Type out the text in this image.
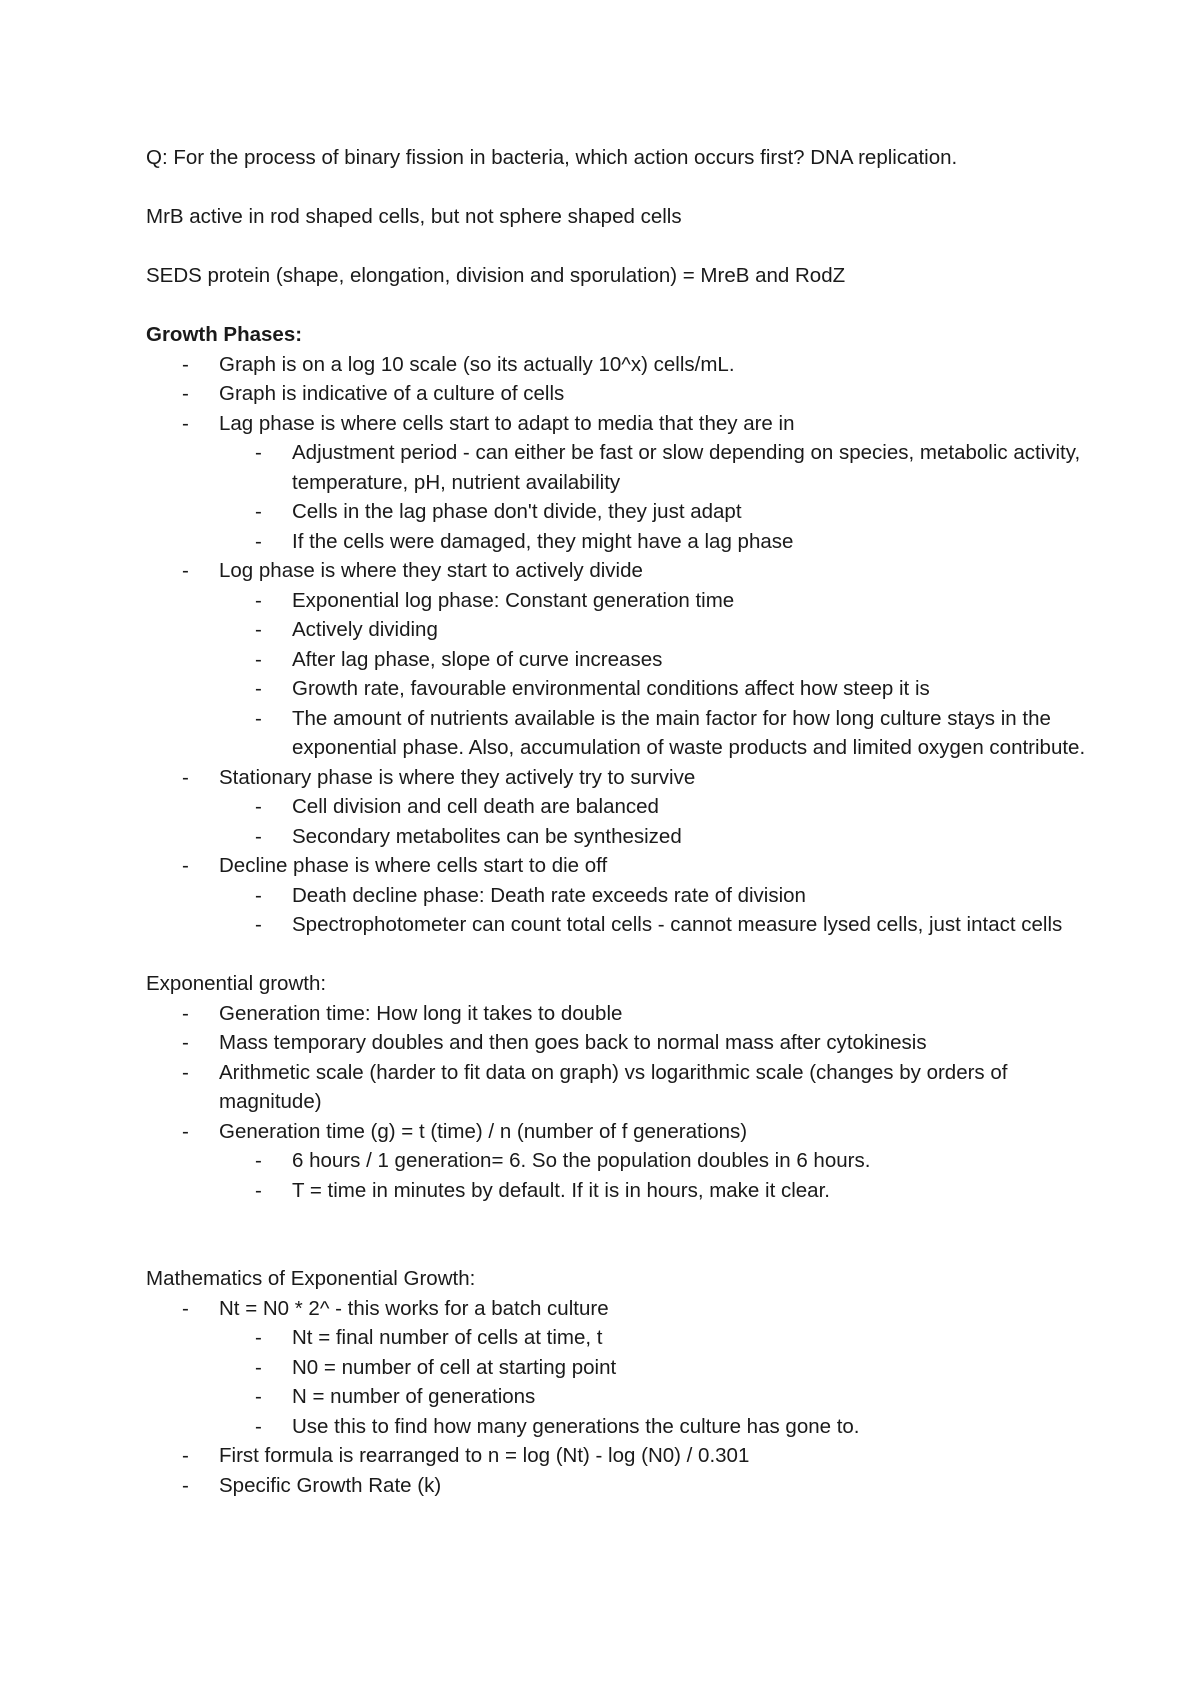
Q: For the process of binary fission in bacteria, which action occurs first? DNA replication.

MrB active in rod shaped cells, but not sphere shaped cells

SEDS protein (shape, elongation, division and sporulation) = MreB and RodZ

Growth Phases:

- Graph is on a log 10 scale (so its actually 10^x) cells/mL.
- Graph is indicative of a culture of cells
- Lag phase is where cells start to adapt to media that they are in
- Adjustment period - can either be fast or slow depending on species, metabolic activity, temperature, pH, nutrient availability
- Cells in the lag phase don't divide, they just adapt
- If the cells were damaged, they might have a lag phase
- Log phase is where they start to actively divide
- Exponential log phase: Constant generation time
- Actively dividing
- After lag phase, slope of curve increases
- Growth rate, favourable environmental conditions affect how steep it is
- The amount of nutrients available is the main factor for how long culture stays in the exponential phase. Also, accumulation of waste products and limited oxygen contribute.
- Stationary phase is where they actively try to survive
- Cell division and cell death are balanced
- Secondary metabolites can be synthesized
- Decline phase is where cells start to die off
- Death decline phase: Death rate exceeds rate of division
- Spectrophotometer can count total cells - cannot measure lysed cells, just intact cells

Exponential growth:

- Generation time: How long it takes to double
- Mass temporary doubles and then goes back to normal mass after cytokinesis
- Arithmetic scale (harder to fit data on graph) vs logarithmic scale (changes by orders of magnitude)
- Generation time (g) = t (time) / n (number of f generations)
- 6 hours / 1 generation= 6. So the population doubles in 6 hours.
- T = time in minutes by default. If it is in hours, make it clear.

Mathematics of Exponential Growth:

- Nt = N0 * 2^ - this works for a batch culture
- Nt = final number of cells at time, t
- N0 = number of cell at starting point
- N = number of generations
- Use this to find how many generations the culture has gone to.
- First formula is rearranged to n = log (Nt) - log (N0) / 0.301
- Specific Growth Rate (k)
